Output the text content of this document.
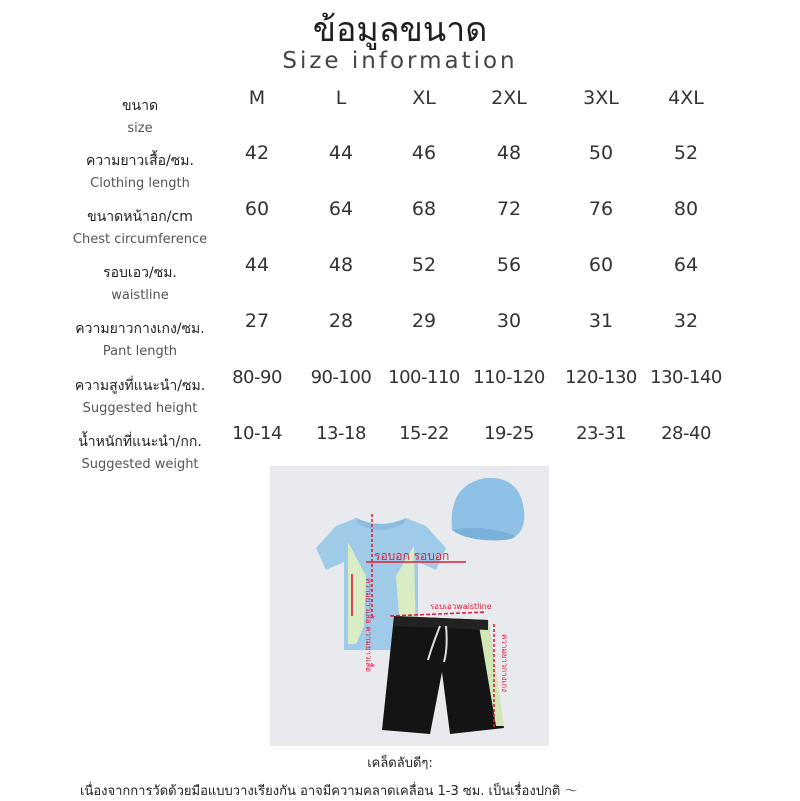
ข้อมูลขนาด
Size information
ขนาด
size
M	L	XL	2XL	3XL	4XL
ความยาวเสื้อ/ซม.
Clothing length
42	44	46	48	50	52
ขนาดหน้าอก/cm
Chest circumference
60	64	68	72	76	80
รอบเอว/ซม.
waistline
44	48	52	56	60	64
ความยาวกางเกง/ซม.
Pant length
27	28	29	30	31	32
ความสูงที่แนะนำ/ซม.
Suggested height
80-90	90-100 100-110 110-120	120-130 130-140
น้ำหนักที่แนะนำ/กก.
Suggested weight
10-14	13-18	15-22	19-25	23-31	28-40
รอบอก รอบอก
รอบเอวwaistline
ความยาวเสื้อ ความยาวเสื้อ	ความยาวกางเกง
เคล็ดลับดีๆ:
เนื่องจากการวัดด้วยมือแบบวางเรียงกัน อาจมีความคลาดเคลื่อน 1-3 ซม. เป็นเรื่องปกติ ～
